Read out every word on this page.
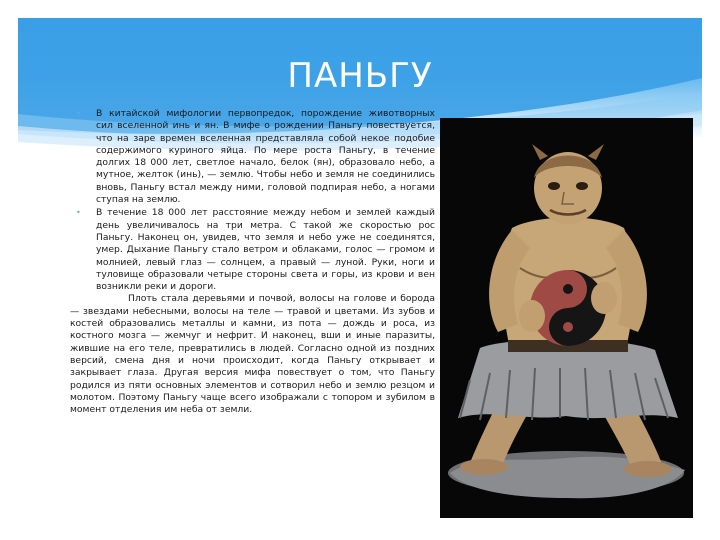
ПАНЬГУ
• В китайской мифологии первопредок, порождение животворных сил вселенной инь и ян. В мифе о рождении Паньгу повествуется, что на заре времен вселенная представляла собой некое подобие содержимого куриного яйца. По мере роста Паньгу, в течение долгих 18 000 лет, светлое начало, белок (ян), образовало небо, а мутное, желток (инь), — землю. Чтобы небо и земля не соединились вновь, Паньгу встал между ними, головой подпирая небо, а ногами ступая на землю.
• В течение 18 000 лет расстояние между небом и землей каждый день увеличивалось на три метра. С такой же скоростью рос Паньгу. Наконец он, увидев, что земля и небо уже не соединятся, умер. Дыхание Паньгу стало ветром и облаками, голос — громом и молнией, левый глаз — солнцем, а правый — луной. Руки, ноги и туловище образовали четыре стороны света и горы, из крови и вен возникли реки и дороги.
Плоть стала деревьями и почвой, волосы на голове и борода — звездами небесными, волосы на теле — травой и цветами. Из зубов и костей образовались металлы и камни, из пота — дождь и роса, из костного мозга — жемчуг и нефрит. И наконец, вши и иные паразиты, жившие на его теле, превратились в людей. Согласно одной из поздних версий, смена дня и ночи происходит, когда Паньгу открывает и закрывает глаза. Другая версия мифа повествует о том, что Паньгу родился из пяти основных элементов и сотворил небо и землю резцом и молотом. Поэтому Паньгу чаще всего изображали с топором и зубилом в момент отделения им неба от земли.
